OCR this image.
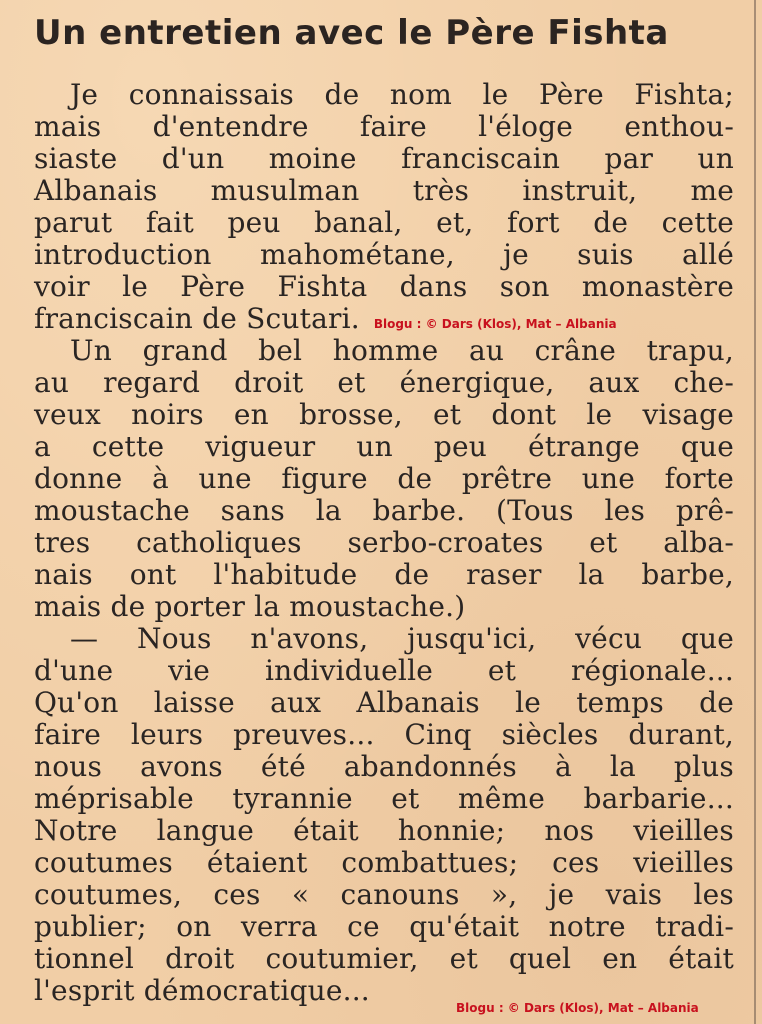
Un entretien avec le Père Fishta
Je connaissais de nom le Père Fishta;
mais d'entendre faire l'éloge enthou-
siaste d'un moine franciscain par un
Albanais musulman très instruit, me
parut fait peu banal, et, fort de cette
introduction mahométane, je suis allé
voir le Père Fishta dans son monastère
franciscain de Scutari. Blogu : © Dars (Klos), Mat – Albania
Un grand bel homme au crâne trapu,
au regard droit et énergique, aux che-
veux noirs en brosse, et dont le visage
a cette vigueur un peu étrange que
donne à une figure de prêtre une forte
moustache sans la barbe. (Tous les prê-
tres catholiques serbo-croates et alba-
nais ont l'habitude de raser la barbe,
mais de porter la moustache.)
— Nous n'avons, jusqu'ici, vécu que
d'une vie individuelle et régionale...
Qu'on laisse aux Albanais le temps de
faire leurs preuves... Cinq siècles durant,
nous avons été abandonnés à la plus
méprisable tyrannie et même barbarie...
Notre langue était honnie; nos vieilles
coutumes étaient combattues; ces vieilles
coutumes, ces « canouns », je vais les
publier; on verra ce qu'était notre tradi-
tionnel droit coutumier, et quel en était
l'esprit démocratique...
Blogu : © Dars (Klos), Mat – Albania
